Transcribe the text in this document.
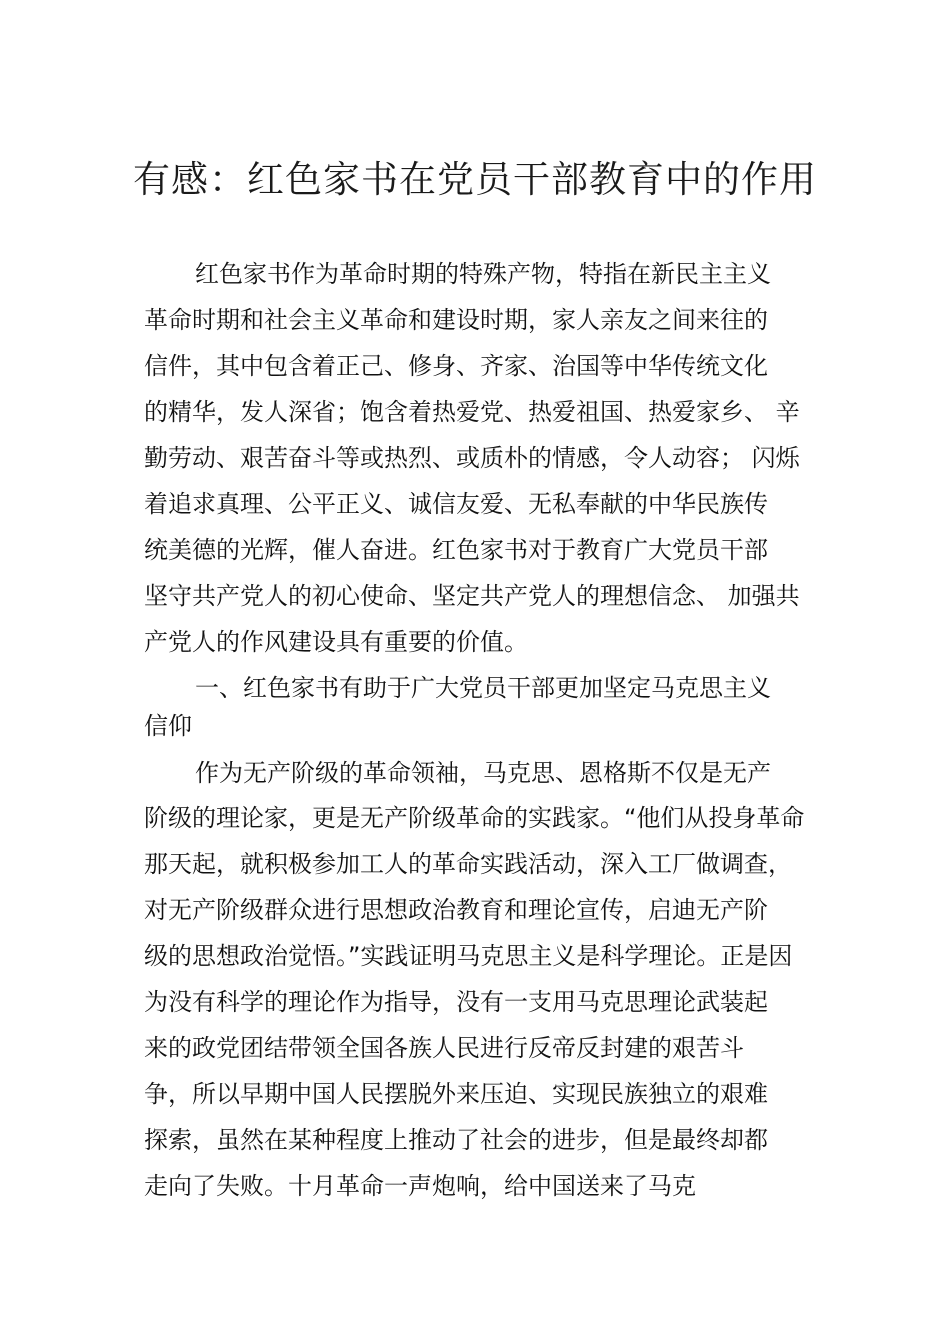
有感：红色家书在党员干部教育中的作用
红色家书作为革命时期的特殊产物，特指在新民主主义
革命时期和社会主义革命和建设时期，家人亲友之间来往的
信件，其中包含着正己、修身、齐家、治国等中华传统文化
的精华，发人深省；饱含着热爱党、热爱祖国、热爱家乡、 辛
勤劳动、艰苦奋斗等或热烈、或质朴的情感，令人动容； 闪烁
着追求真理、公平正义、诚信友爱、无私奉献的中华民族传
统美德的光辉，催人奋进。红色家书对于教育广大党员干部
坚守共产党人的初心使命、坚定共产党人的理想信念、 加强共
产党人的作风建设具有重要的价值。
一、红色家书有助于广大党员干部更加坚定马克思主义
信仰
作为无产阶级的革命领袖，马克思、恩格斯不仅是无产
阶级的理论家，更是无产阶级革命的实践家。“他们从投身革命
那天起，就积极参加工人的革命实践活动，深入工厂做调查，
对无产阶级群众进行思想政治教育和理论宣传，启迪无产阶
级的思想政治觉悟。”实践证明马克思主义是科学理论。正是因
为没有科学的理论作为指导，没有一支用马克思理论武装起
来的政党团结带领全国各族人民进行反帝反封建的艰苦斗
争，所以早期中国人民摆脱外来压迫、实现民族独立的艰难
探索，虽然在某种程度上推动了社会的进步，但是最终却都
走向了失败。十月革命一声炮响，给中国送来了马克
